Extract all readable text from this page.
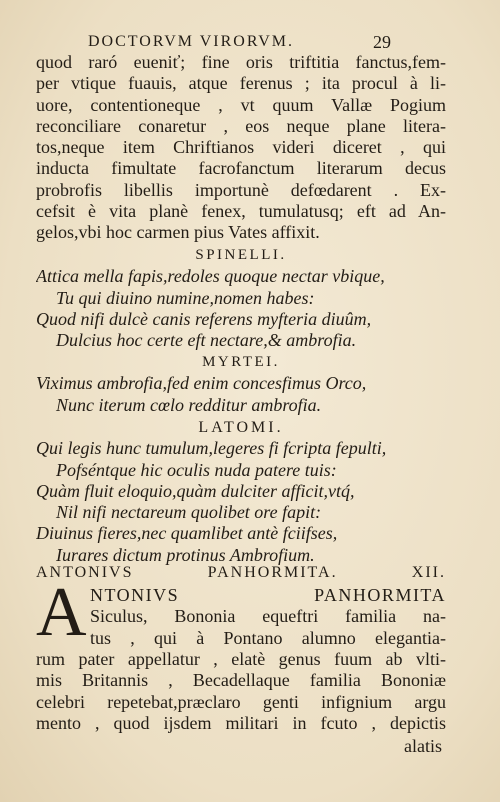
DOCTORVM VIRORVM.	29
quod raró eueniť; fine oris triftitia fanctus,fem-
per vtique fuauis, atque ferenus ; ita procul à li-
uore, contentioneque , vt quum Vallæ Pogium
reconciliare conaretur , eos neque plane litera-
tos,neque item Chriftianos videri diceret , qui
inducta fimultate facrofanctum literarum decus
probrofis libellis importunè defœdarent . Ex-
cefsit è vita planè fenex, tumulatusq; eft ad An-
gelos,vbi hoc carmen pius Vates affixit.
SPINELLI.
Attica mella fapis,redoles quoque nectar vbique,
Tu qui diuino numine,nomen habes:
Quod nifi dulcè canis referens myfteria diuûm,
Dulcius hoc certe eft nectare,& ambrofia.
MYRTEI.
Viximus ambrofia,fed enim concesfimus Orco,
Nunc iterum cœlo redditur ambrofia.
LATOMI.
Qui legis hunc tumulum,legeres fi fcripta fepulti,
Pofséntque hic oculis nuda patere tuis:
Quàm fluit eloquio,quàm dulciter afficit,vtq́,
Nil nifi nectareum quolibet ore fapit:
Diuinus fieres,nec quamlibet antè fciifses,
Iurares dictum protinus Ambrofium.
ANTONIVS PANHORMITA. XII.
A NTONIVS PANHORMITA
Siculus, Bononia equeftri familia na-
tus , qui à Pontano alumno elegantia-
rum pater appellatur , elatè genus fuum ab vlti-
mis Britannis , Becadellaque familia Bononiæ
celebri repetebat,præclaro genti infignium argu
mento , quod ijsdem militari in fcuto , depictis
alatis
